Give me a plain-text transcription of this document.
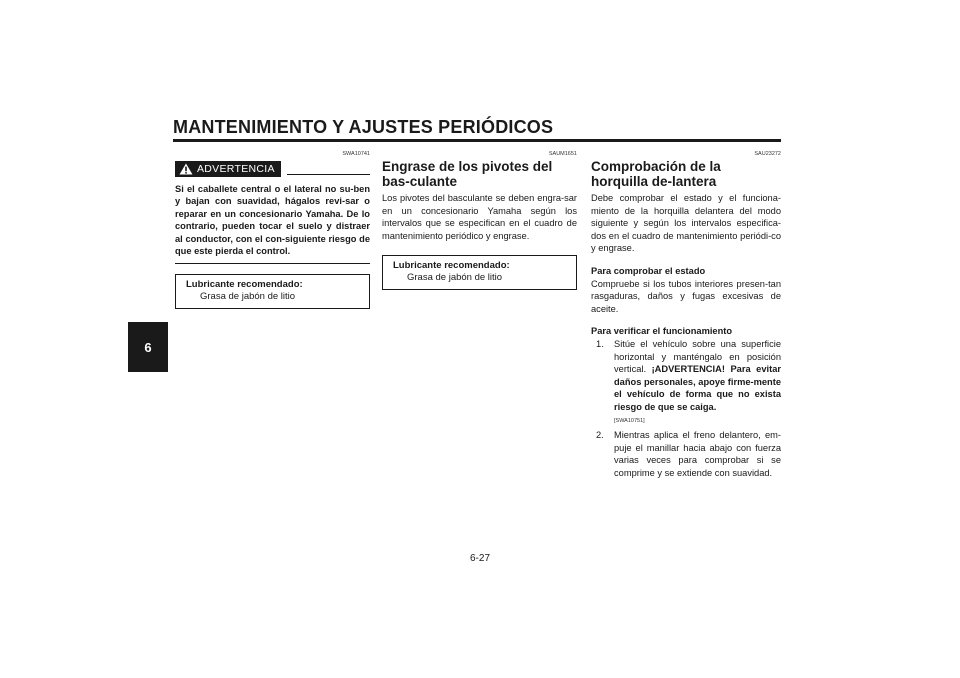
MANTENIMIENTO Y AJUSTES PERIÓDICOS
6
SWA10741
ADVERTENCIA
Si el caballete central o el lateral no su-ben y bajan con suavidad, hágalos revi-sar o reparar en un concesionario Yamaha. De lo contrario, pueden tocar el suelo y distraer al conductor, con el con-siguiente riesgo de que este pierda el control.
Lubricante recomendado:
Grasa de jabón de litio
SAUM1651
Engrase de los pivotes del bas-culante
Los pivotes del basculante se deben engra-sar en un concesionario Yamaha según los intervalos que se especifican en el cuadro de mantenimiento periódico y engrase.
Lubricante recomendado:
Grasa de jabón de litio
SAU23272
Comprobación de la horquilla de-lantera
Debe comprobar el estado y el funciona-miento de la horquilla delantera del modo siguiente y según los intervalos especifica-dos en el cuadro de mantenimiento periódi-co y engrase.
Para comprobar el estado
Compruebe si los tubos interiores presen-tan rasgaduras, daños y fugas excesivas de aceite.
Para verificar el funcionamiento
1.	Sitúe el vehículo sobre una superficie horizontal y manténgalo en posición vertical. ¡ADVERTENCIA! Para evitar daños personales, apoye firme-mente el vehículo de forma que no exista riesgo de que se caiga.
[SWA10751]
2.	Mientras aplica el freno delantero, em-puje el manillar hacia abajo con fuerza varias veces para comprobar si se comprime y se extiende con suavidad.
6-27
